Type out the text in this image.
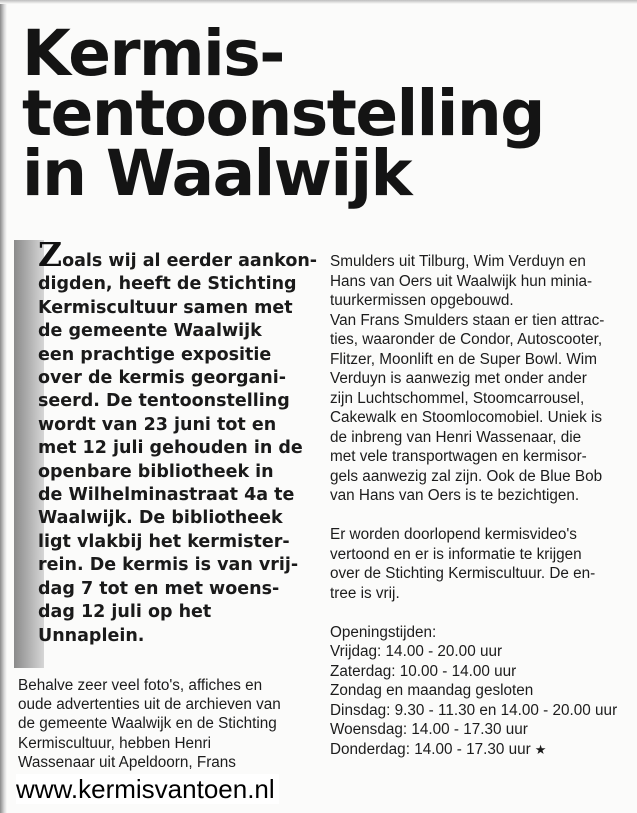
Kermis-
tentoonstelling
in Waalwijk

Zoals wij al eerder aankon-
digden, heeft de Stichting
Kermiscultuur samen met
de gemeente Waalwijk
een prachtige expositie
over de kermis georgani-
seerd. De tentoonstelling
wordt van 23 juni tot en
met 12 juli gehouden in de
openbare bibliotheek in
de Wilhelminastraat 4a te
Waalwijk. De bibliotheek
ligt vlakbij het kermister-
rein. De kermis is van vrij-
dag 7 tot en met woens-
dag 12 juli op het
Unnaplein.

Behalve zeer veel foto's, affiches en
oude advertenties uit de archieven van
de gemeente Waalwijk en de Stichting
Kermiscultuur, hebben Henri
Wassenaar uit Apeldoorn, Frans

Smulders uit Tilburg, Wim Verduyn en
Hans van Oers uit Waalwijk hun minia-
tuurkermissen opgebouwd.
Van Frans Smulders staan er tien attrac-
ties, waaronder de Condor, Autoscooter,
Flitzer, Moonlift en de Super Bowl. Wim
Verduyn is aanwezig met onder ander
zijn Luchtschommel, Stoomcarrousel,
Cakewalk en Stoomlocomobiel. Uniek is
de inbreng van Henri Wassenaar, die
met vele transportwagen en kermisor-
gels aanwezig zal zijn. Ook de Blue Bob
van Hans van Oers is te bezichtigen.
Er worden doorlopend kermisvideo's
vertoond en er is informatie te krijgen
over de Stichting Kermiscultuur. De en-
tree is vrij.
Openingstijden:
Vrijdag: 14.00 - 20.00 uur
Zaterdag: 10.00 - 14.00 uur
Zondag en maandag gesloten
Dinsdag: 9.30 - 11.30 en 14.00 - 20.00 uur
Woensdag: 14.00 - 17.30 uur
Donderdag: 14.00 - 17.30 uur ★
www.kermisvantoen.nl
